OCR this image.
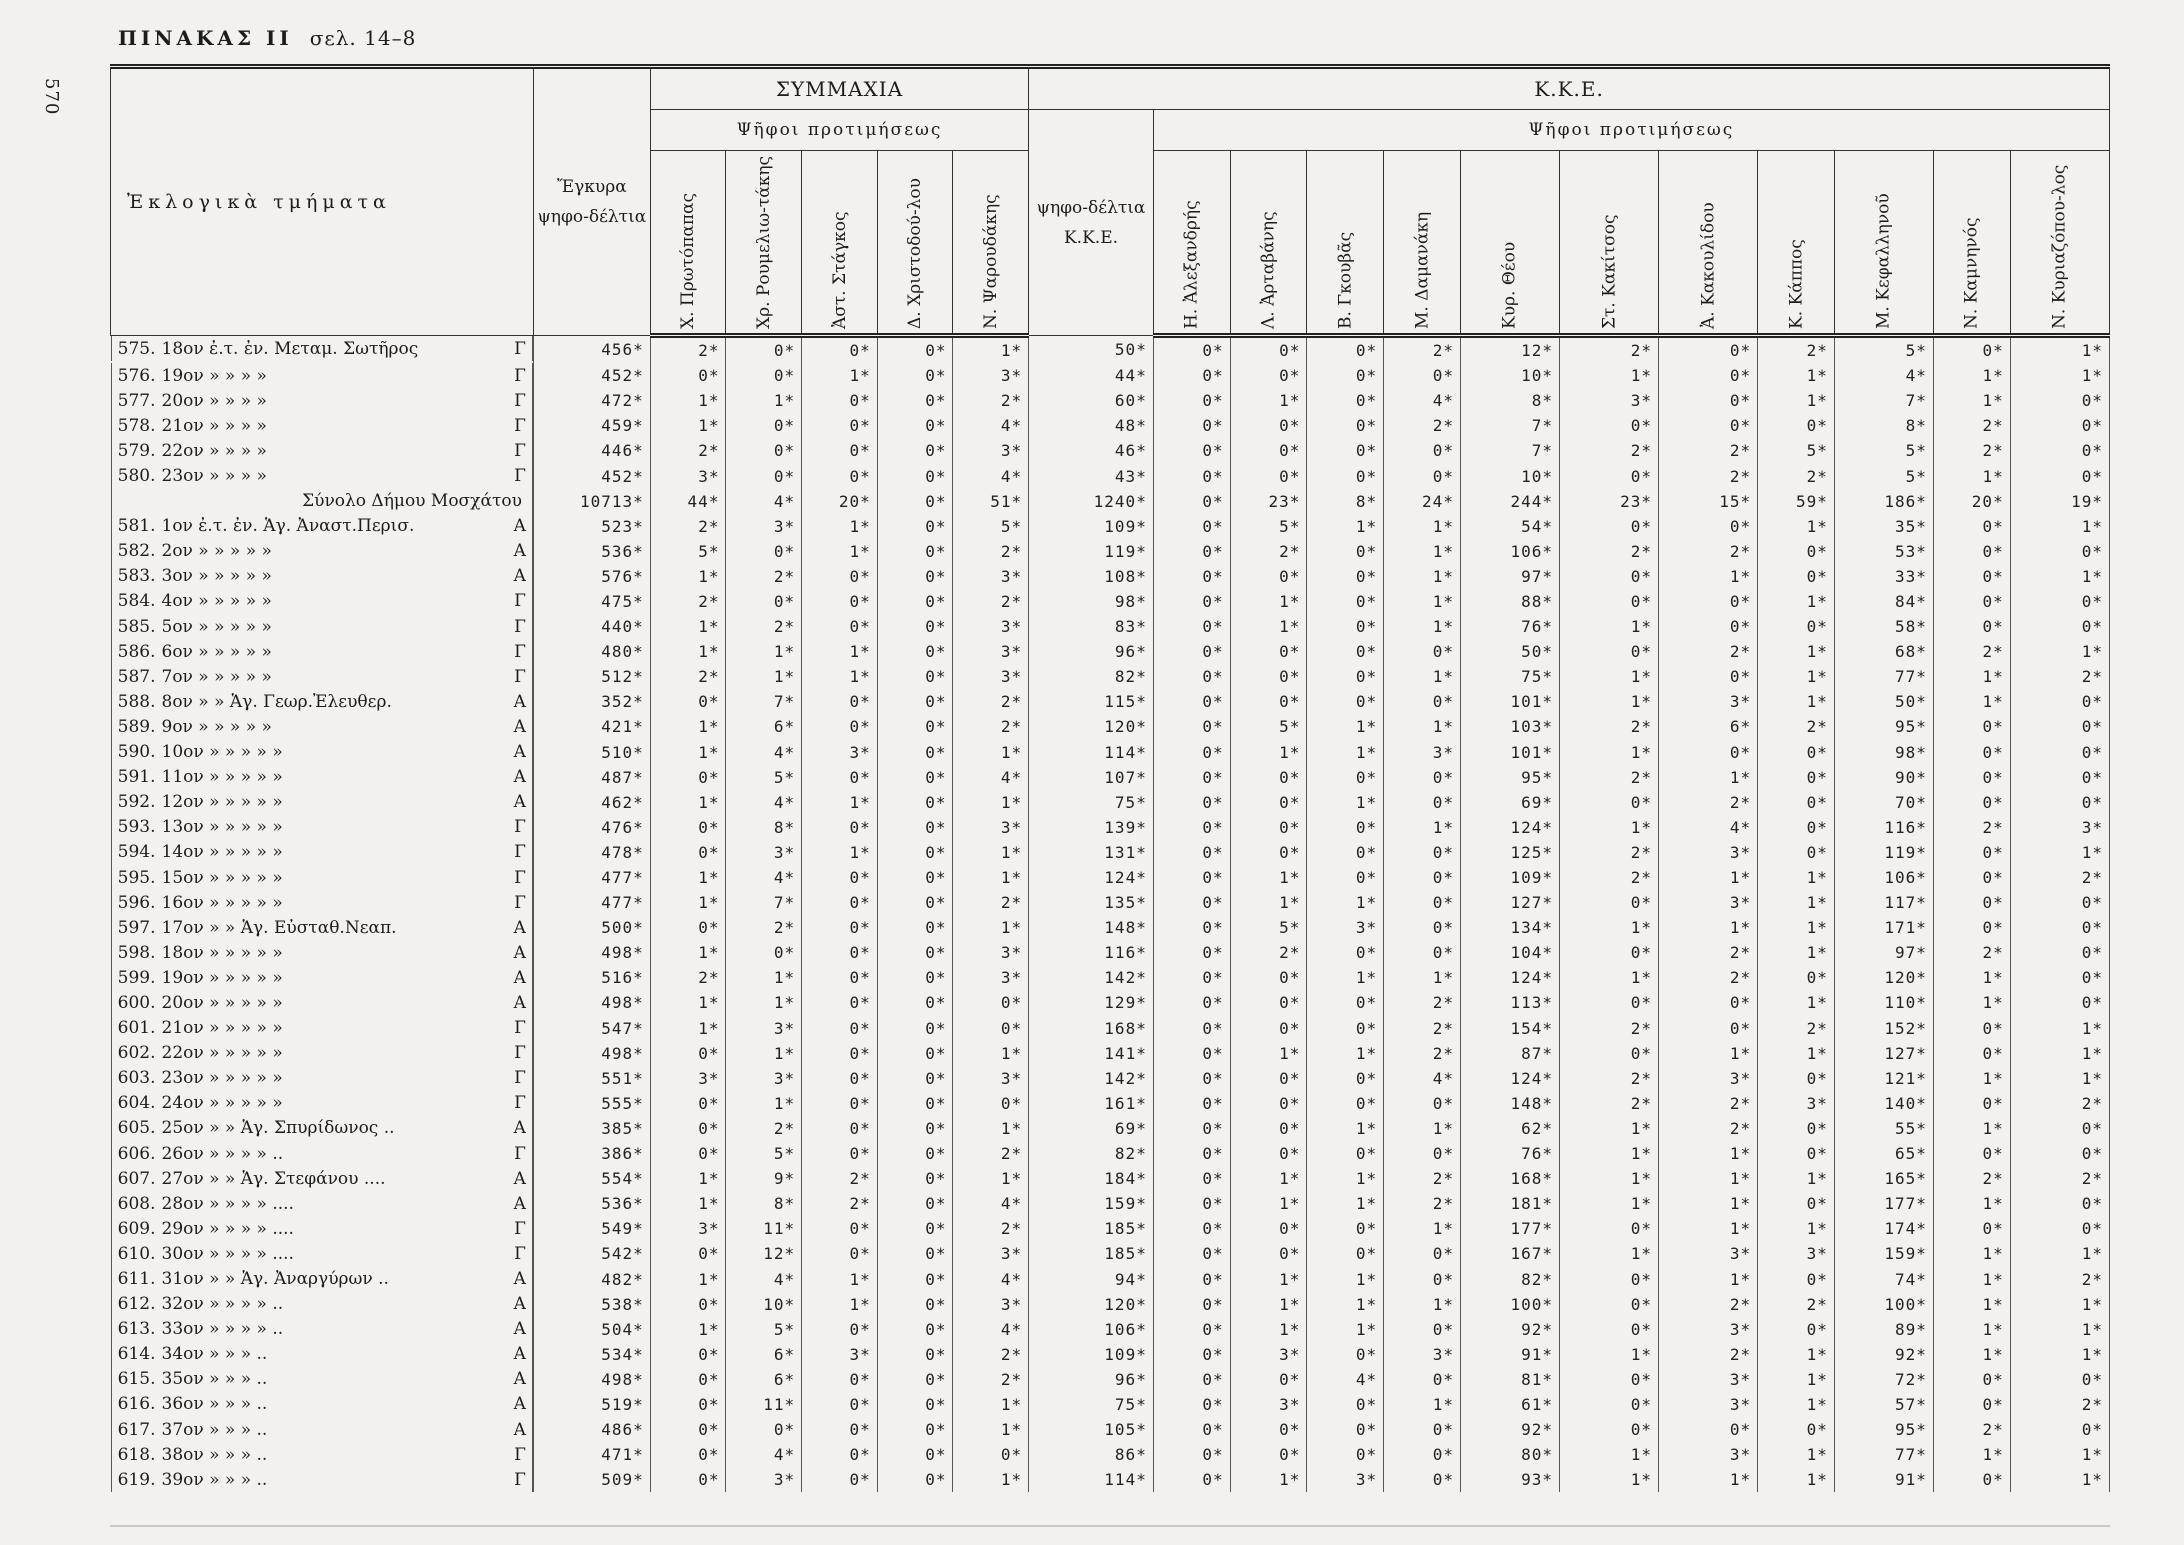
570
ΠΙΝΑΚΑΣ ΙΙ σελ. 14–8
Ἐκλογικὰ τμήματα	Ἔγκυρα ψηφο-δέλτια	ΣΥΜΜΑΧΙΑ					Κ.Κ.Ε.											
		Ψῆφοι προτιμήσεως					ψηφο-δέλτια Κ.Κ.Ε.	Ψῆφοι προτιμήσεως										
		Χ. Πρωτόπαπας	Χρ. Ρουμελιω-τάκης	Ἀστ. Στάγκος	Δ. Χριστοδού-λου	Ν. Ψαρουδάκης		Η. Ἀλεξανδρής	Λ. Ἀρταβάνης	Β. Γκουβᾶς	Μ. Δαμανάκη	Κυρ. Θέου	Στ. Κακίτσος	Ἀ. Κακουλίδου	Κ. Κάππος	Μ. Κεφαλληνοῦ	Ν. Καμνηνός	Ν. Κυριαζόπου-λος

575. 18ον ἐ.τ. ἐν. Μεταμ. Σωτῆρος	Γ	456*	2*	0*	0*	0*	1*	50*	0*	0*	0*	2*	12*	2*	0*	2*	5*	0*	1*

576. 19ον » » » »	Γ	452*	0*	0*	1*	0*	3*	44*	0*	0*	0*	0*	10*	1*	0*	1*	4*	1*	1*

577. 20ον » » » »	Γ	472*	1*	1*	0*	0*	2*	60*	0*	1*	0*	4*	8*	3*	0*	1*	7*	1*	0*

578. 21ον » » » »	Γ	459*	1*	0*	0*	0*	4*	48*	0*	0*	0*	2*	7*	0*	0*	0*	8*	2*	0*

579. 22ον » » » »	Γ	446*	2*	0*	0*	0*	3*	46*	0*	0*	0*	0*	7*	2*	2*	5*	5*	2*	0*

580. 23ον » » » »	Γ	452*	3*	0*	0*	0*	4*	43*	0*	0*	0*	0*	10*	0*	2*	2*	5*	1*	0*

Σύνολο Δήμου Μοσχάτου	10713*	44*	4*	20*	0*	51*	1240*	0*	23*	8*	24*	244*	23*	15*	59*	186*	20*	19*

581. 1ον ἐ.τ. ἐν. Ἁγ. Ἀναστ.Περισ.	Α	523*	2*	3*	1*	0*	5*	109*	0*	5*	1*	1*	54*	0*	0*	1*	35*	0*	1*

582. 2ον » » » » »	Α	536*	5*	0*	1*	0*	2*	119*	0*	2*	0*	1*	106*	2*	2*	0*	53*	0*	0*

583. 3ον » » » » »	Α	576*	1*	2*	0*	0*	3*	108*	0*	0*	0*	1*	97*	0*	1*	0*	33*	0*	1*

584. 4ον » » » » »	Γ	475*	2*	0*	0*	0*	2*	98*	0*	1*	0*	1*	88*	0*	0*	1*	84*	0*	0*

585. 5ον » » » » »	Γ	440*	1*	2*	0*	0*	3*	83*	0*	1*	0*	1*	76*	1*	0*	0*	58*	0*	0*

586. 6ον » » » » »	Γ	480*	1*	1*	1*	0*	3*	96*	0*	0*	0*	0*	50*	0*	2*	1*	68*	2*	1*

587. 7ον » » » » »	Γ	512*	2*	1*	1*	0*	3*	82*	0*	0*	0*	1*	75*	1*	0*	1*	77*	1*	2*

588. 8ον » » Ἁγ. Γεωρ.Ἐλευθερ.	Α	352*	0*	7*	0*	0*	2*	115*	0*	0*	0*	0*	101*	1*	3*	1*	50*	1*	0*

589. 9ον » » » » »	Α	421*	1*	6*	0*	0*	2*	120*	0*	5*	1*	1*	103*	2*	6*	2*	95*	0*	0*

590. 10ον » » » » »	Α	510*	1*	4*	3*	0*	1*	114*	0*	1*	1*	3*	101*	1*	0*	0*	98*	0*	0*

591. 11ον » » » » »	Α	487*	0*	5*	0*	0*	4*	107*	0*	0*	0*	0*	95*	2*	1*	0*	90*	0*	0*

592. 12ον » » » » »	Α	462*	1*	4*	1*	0*	1*	75*	0*	0*	1*	0*	69*	0*	2*	0*	70*	0*	0*

593. 13ον » » » » »	Γ	476*	0*	8*	0*	0*	3*	139*	0*	0*	0*	1*	124*	1*	4*	0*	116*	2*	3*

594. 14ον » » » » »	Γ	478*	0*	3*	1*	0*	1*	131*	0*	0*	0*	0*	125*	2*	3*	0*	119*	0*	1*

595. 15ον » » » » »	Γ	477*	1*	4*	0*	0*	1*	124*	0*	1*	0*	0*	109*	2*	1*	1*	106*	0*	2*

596. 16ον » » » » »	Γ	477*	1*	7*	0*	0*	2*	135*	0*	1*	1*	0*	127*	0*	3*	1*	117*	0*	0*

597. 17ον » » Ἁγ. Εὐσταθ.Νεαπ.	Α	500*	0*	2*	0*	0*	1*	148*	0*	5*	3*	0*	134*	1*	1*	1*	171*	0*	0*

598. 18ον » » » » »	Α	498*	1*	0*	0*	0*	3*	116*	0*	2*	0*	0*	104*	0*	2*	1*	97*	2*	0*

599. 19ον » » » » »	Α	516*	2*	1*	0*	0*	3*	142*	0*	0*	1*	1*	124*	1*	2*	0*	120*	1*	0*

600. 20ον » » » » »	Α	498*	1*	1*	0*	0*	0*	129*	0*	0*	0*	2*	113*	0*	0*	1*	110*	1*	0*

601. 21ον » » » » »	Γ	547*	1*	3*	0*	0*	0*	168*	0*	0*	0*	2*	154*	2*	0*	2*	152*	0*	1*

602. 22ον » » » » »	Γ	498*	0*	1*	0*	0*	1*	141*	0*	1*	1*	2*	87*	0*	1*	1*	127*	0*	1*

603. 23ον » » » » »	Γ	551*	3*	3*	0*	0*	3*	142*	0*	0*	0*	4*	124*	2*	3*	0*	121*	1*	1*

604. 24ον » » » » »	Γ	555*	0*	1*	0*	0*	0*	161*	0*	0*	0*	0*	148*	2*	2*	3*	140*	0*	2*

605. 25ον » » Ἁγ. Σπυρίδωνος ..	Α	385*	0*	2*	0*	0*	1*	69*	0*	0*	1*	1*	62*	1*	2*	0*	55*	1*	0*

606. 26ον » » » » ..	Γ	386*	0*	5*	0*	0*	2*	82*	0*	0*	0*	0*	76*	1*	1*	0*	65*	0*	0*

607. 27ον » » Ἁγ. Στεφάνου ....	Α	554*	1*	9*	2*	0*	1*	184*	0*	1*	1*	2*	168*	1*	1*	1*	165*	2*	2*

608. 28ον » » » » ....	Α	536*	1*	8*	2*	0*	4*	159*	0*	1*	1*	2*	181*	1*	1*	0*	177*	1*	0*

609. 29ον » » » » ....	Γ	549*	3*	11*	0*	0*	2*	185*	0*	0*	0*	1*	177*	0*	1*	1*	174*	0*	0*

610. 30ον » » » » ....	Γ	542*	0*	12*	0*	0*	3*	185*	0*	0*	0*	0*	167*	1*	3*	3*	159*	1*	1*

611. 31ον » » Ἁγ. Ἀναργύρων ..	Α	482*	1*	4*	1*	0*	4*	94*	0*	1*	1*	0*	82*	0*	1*	0*	74*	1*	2*

612. 32ον » » » » ..	Α	538*	0*	10*	1*	0*	3*	120*	0*	1*	1*	1*	100*	0*	2*	2*	100*	1*	1*

613. 33ον » » » » ..	Α	504*	1*	5*	0*	0*	4*	106*	0*	1*	1*	0*	92*	0*	3*	0*	89*	1*	1*

614. 34ον » » » ..	Α	534*	0*	6*	3*	0*	2*	109*	0*	3*	0*	3*	91*	1*	2*	1*	92*	1*	1*

615. 35ον » » » ..	Α	498*	0*	6*	0*	0*	2*	96*	0*	0*	4*	0*	81*	0*	3*	1*	72*	0*	0*

616. 36ον » » » ..	Α	519*	0*	11*	0*	0*	1*	75*	0*	3*	0*	1*	61*	0*	3*	1*	57*	0*	2*

617. 37ον » » » ..	Α	486*	0*	0*	0*	0*	1*	105*	0*	0*	0*	0*	92*	0*	0*	0*	95*	2*	0*

618. 38ον » » » ..	Γ	471*	0*	4*	0*	0*	0*	86*	0*	0*	0*	0*	80*	1*	3*	1*	77*	1*	1*

619. 39ον » » » ..	Γ	509*	0*	3*	0*	0*	1*	114*	0*	1*	3*	0*	93*	1*	1*	1*	91*	0*	1*
